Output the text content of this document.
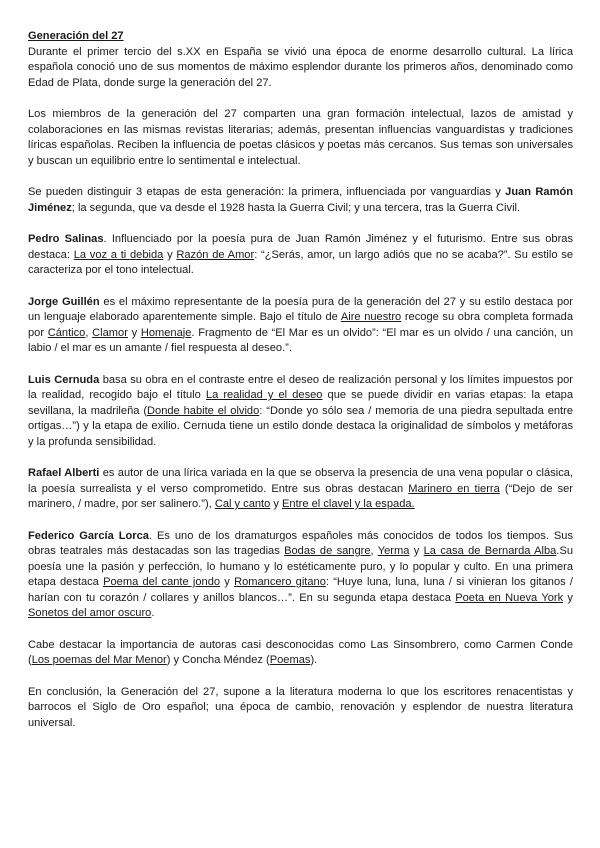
Generación del 27

Durante el primer tercio del s.XX en España se vivió una época de enorme desarrollo cultural. La lírica española conoció uno de sus momentos de máximo esplendor durante los primeros años, denominado como Edad de Plata, donde surge la generación del 27.

Los miembros de la generación del 27 comparten una gran formación intelectual, lazos de amistad y colaboraciones en las mismas revistas literarias; además, presentan influencias vanguardistas y tradiciones líricas españolas. Reciben la influencia de poetas clásicos y poetas más cercanos. Sus temas son universales y buscan un equilibrio entre lo sentimental e intelectual.

Se pueden distinguir 3 etapas de esta generación: la primera, influenciada por vanguardias y Juan Ramón Jiménez; la segunda, que va desde el 1928 hasta la Guerra Civil; y una tercera, tras la Guerra Civil.

Pedro Salinas. Influenciado por la poesía pura de Juan Ramón Jiménez y el futurismo. Entre sus obras destaca: La voz a ti debida y Razón de Amor: “¿Serás, amor, un largo adiós que no se acaba?”. Su estilo se caracteriza por el tono intelectual.

Jorge Guillén es el máximo representante de la poesía pura de la generación del 27 y su estilo destaca por un lenguaje elaborado aparentemente simple. Bajo el título de Aire nuestro recoge su obra completa formada por Cántico, Clamor y Homenaje. Fragmento de “El Mar es un olvido”: “El mar es un olvido / una canción, un labio / el mar es un amante / fiel respuesta al deseo.”.

Luis Cernuda basa su obra en el contraste entre el deseo de realización personal y los límites impuestos por la realidad, recogido bajo el título La realidad y el deseo que se puede dividir en varias etapas: la etapa sevillana, la madrileña (Donde habite el olvido: “Donde yo sólo sea / memoria de una piedra sepultada entre ortigas…”) y la etapa de exilio. Cernuda tiene un estilo donde destaca la originalidad de símbolos y metáforas y la profunda sensibilidad.

Rafael Alberti es autor de una lírica variada en la que se observa la presencia de una vena popular o clásica, la poesía surrealista y el verso comprometido. Entre sus obras destacan Marinero en tierra (“Dejo de ser marinero, / madre, por ser salinero.”), Cal y canto y Entre el clavel y la espada.

Federico García Lorca. Es uno de los dramaturgos españoles más conocidos de todos los tiempos. Sus obras teatrales más destacadas son las tragedias Bodas de sangre, Yerma y La casa de Bernarda Alba.Su poesía une la pasión y perfección, lo humano y lo estéticamente puro, y lo popular y culto. En una primera etapa destaca Poema del cante jondo y Romancero gitano: “Huye luna, luna, luna / si vinieran los gitanos / harían con tu corazón / collares y anillos blancos…”. En su segunda etapa destaca Poeta en Nueva York y Sonetos del amor oscuro.

Cabe destacar la importancia de autoras casi desconocidas como Las Sinsombrero, como Carmen Conde (Los poemas del Mar Menor) y Concha Méndez (Poemas).

En conclusión, la Generación del 27, supone a la literatura moderna lo que los escritores renacentistas y barrocos el Siglo de Oro español; una época de cambio, renovación y esplendor de nuestra literatura universal.
